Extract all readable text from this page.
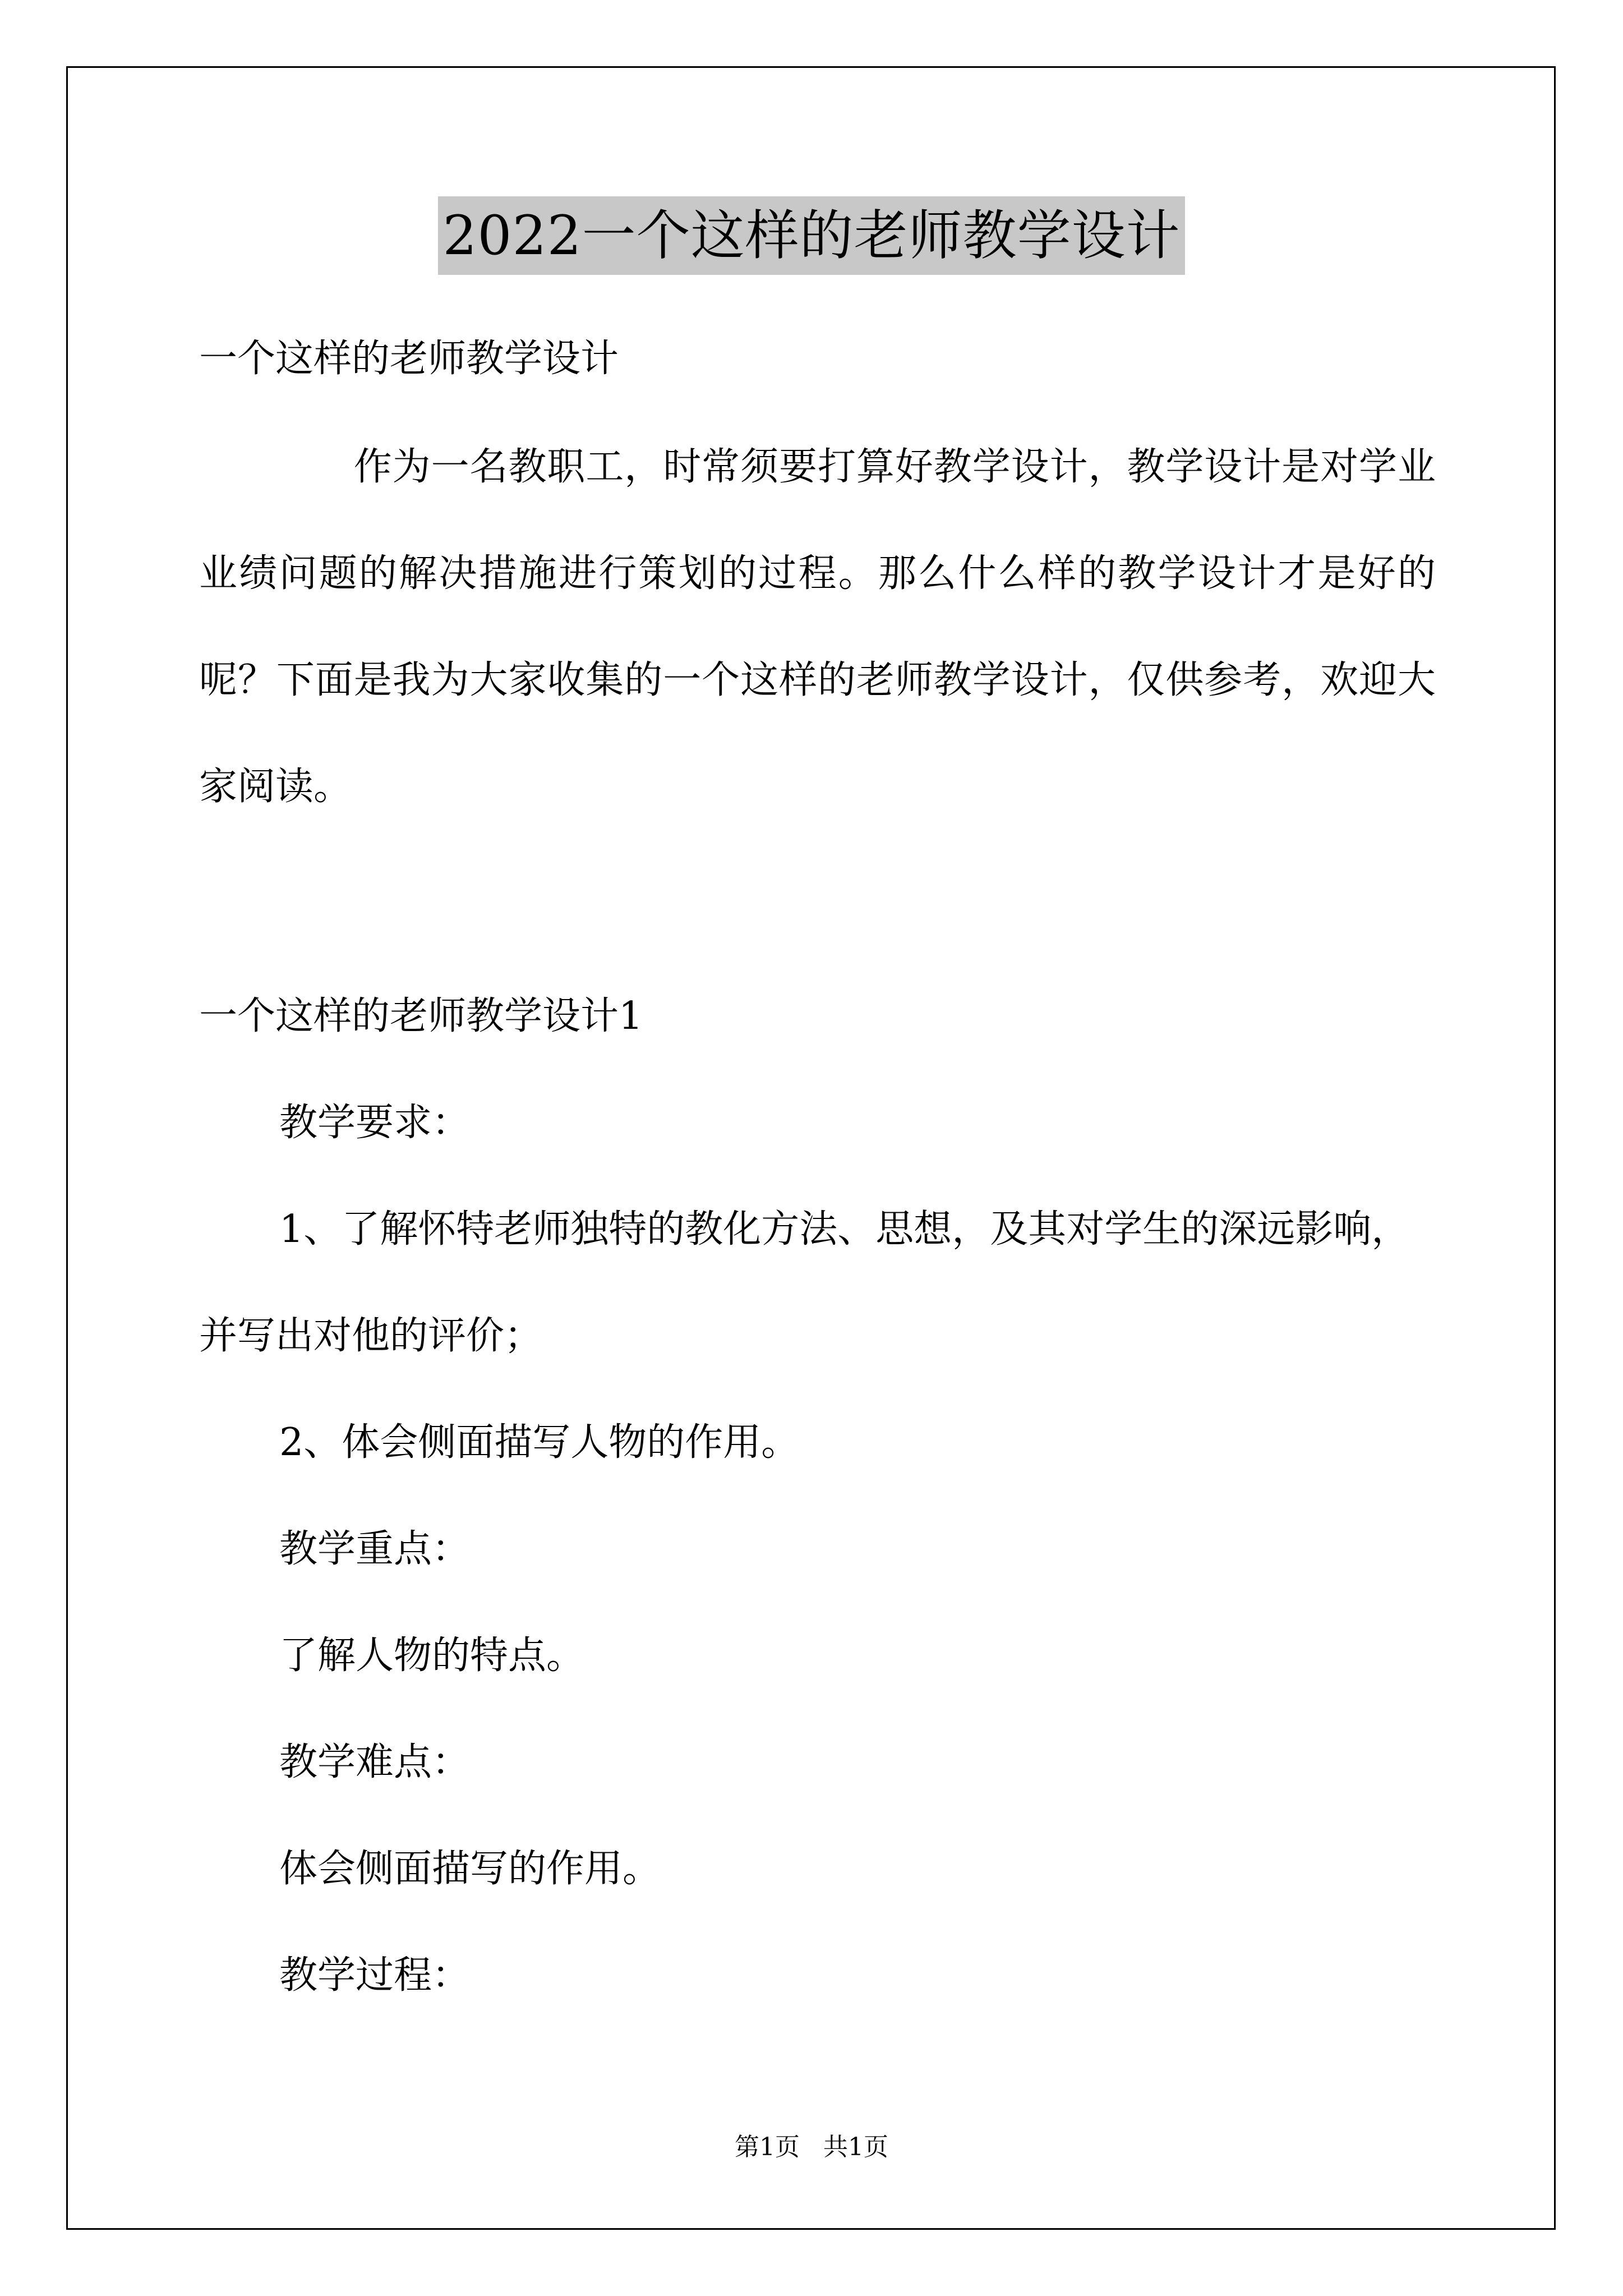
2022一个这样的老师教学设计
一个这样的老师教学设计
　　　　作为一名教职工，时常须要打算好教学设计，教学设计是对学业业绩问题的解决措施进行策划的过程。那么什么样的教学设计才是好的呢？下面是我为大家收集的一个这样的老师教学设计，仅供参考，欢迎大家阅读。
一个这样的老师教学设计1
教学要求：
1、了解怀特老师独特的教化方法、思想，及其对学生的深远影响，
并写出对他的评价；
2、体会侧面描写人物的作用。
教学重点：
了解人物的特点。
教学难点：
体会侧面描写的作用。
教学过程：
第1页 共1页
